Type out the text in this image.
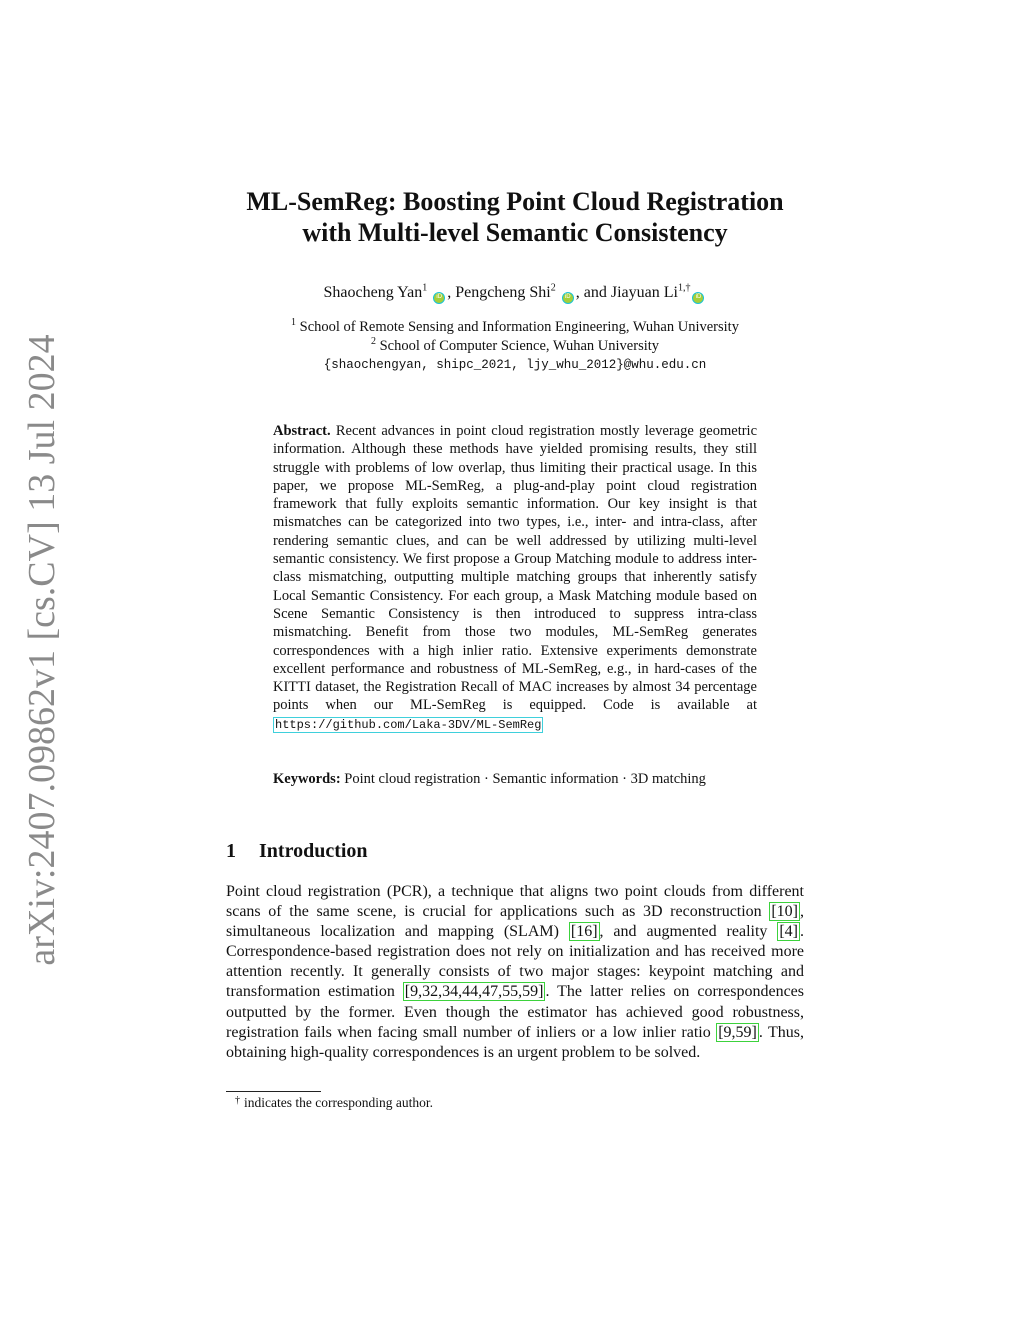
arXiv:2407.09862v1 [cs.CV] 13 Jul 2024
ML-SemReg: Boosting Point Cloud Registration
with Multi-level Semantic Consistency
Shaocheng Yan$^1$ iD , Pengcheng Shi$^2$ iD , and Jiayuan $Li^{1,\dagger}iD$
$^1$ School of Remote Sensing and Information Engineering, Wuhan University
$^2$ School of Computer Science, Wuhan University
{shaochengyan, shipc_2021, ljy_whu_2012}@whu.edu.cn
Abstract. Recent advances in point cloud registration mostly leverage geometric information. Although these methods have yielded promising results, they still struggle with problems of low overlap, thus limiting their practical usage. In this paper, we propose ML-SemReg, a plug-and-play point cloud registration framework that fully exploits semantic information. Our key insight is that mismatches can be categorized into two types, i.e., inter- and intra-class, after rendering semantic clues, and can be well addressed by utilizing multi-level semantic consistency. We first propose a Group Matching module to address inter-class mismatching, outputting multiple matching groups that inherently satisfy Local Semantic Consistency. For each group, a Mask Matching module based on Scene Semantic Consistency is then introduced to suppress intra-class mismatching. Benefit from those two modules, ML-SemReg generates correspondences with a high inlier ratio. Extensive experiments demonstrate excellent performance and robustness of ML-SemReg, e.g., in hard-cases of the KITTI dataset, the Registration Recall of MAC increases by almost 34 percentage points when our ML-SemReg is equipped. Code is available at https://github.com/Laka-3DV/ML-SemReg
Keywords: Point cloud registration · Semantic information · 3D matching
1 Introduction
Point cloud registration (PCR), a technique that aligns two point clouds from different scans of the same scene, is crucial for applications such as 3D reconstruction [10] , simultaneous localization and mapping (SLAM) [16] , and augmented reality [4] . Correspondence-based registration does not rely on initialization and has received more attention recently. It generally consists of two major stages: keypoint matching and transformation estimation [9,32,34,44,47,55,59] . The latter relies on correspondences outputted by the former. Even though the estimator has achieved good robustness, registration fails when facing small number of inliers or a low inlier ratio [9,59] . Thus, obtaining high-quality correspondences is an urgent problem to be solved.
† indicates the corresponding author.
